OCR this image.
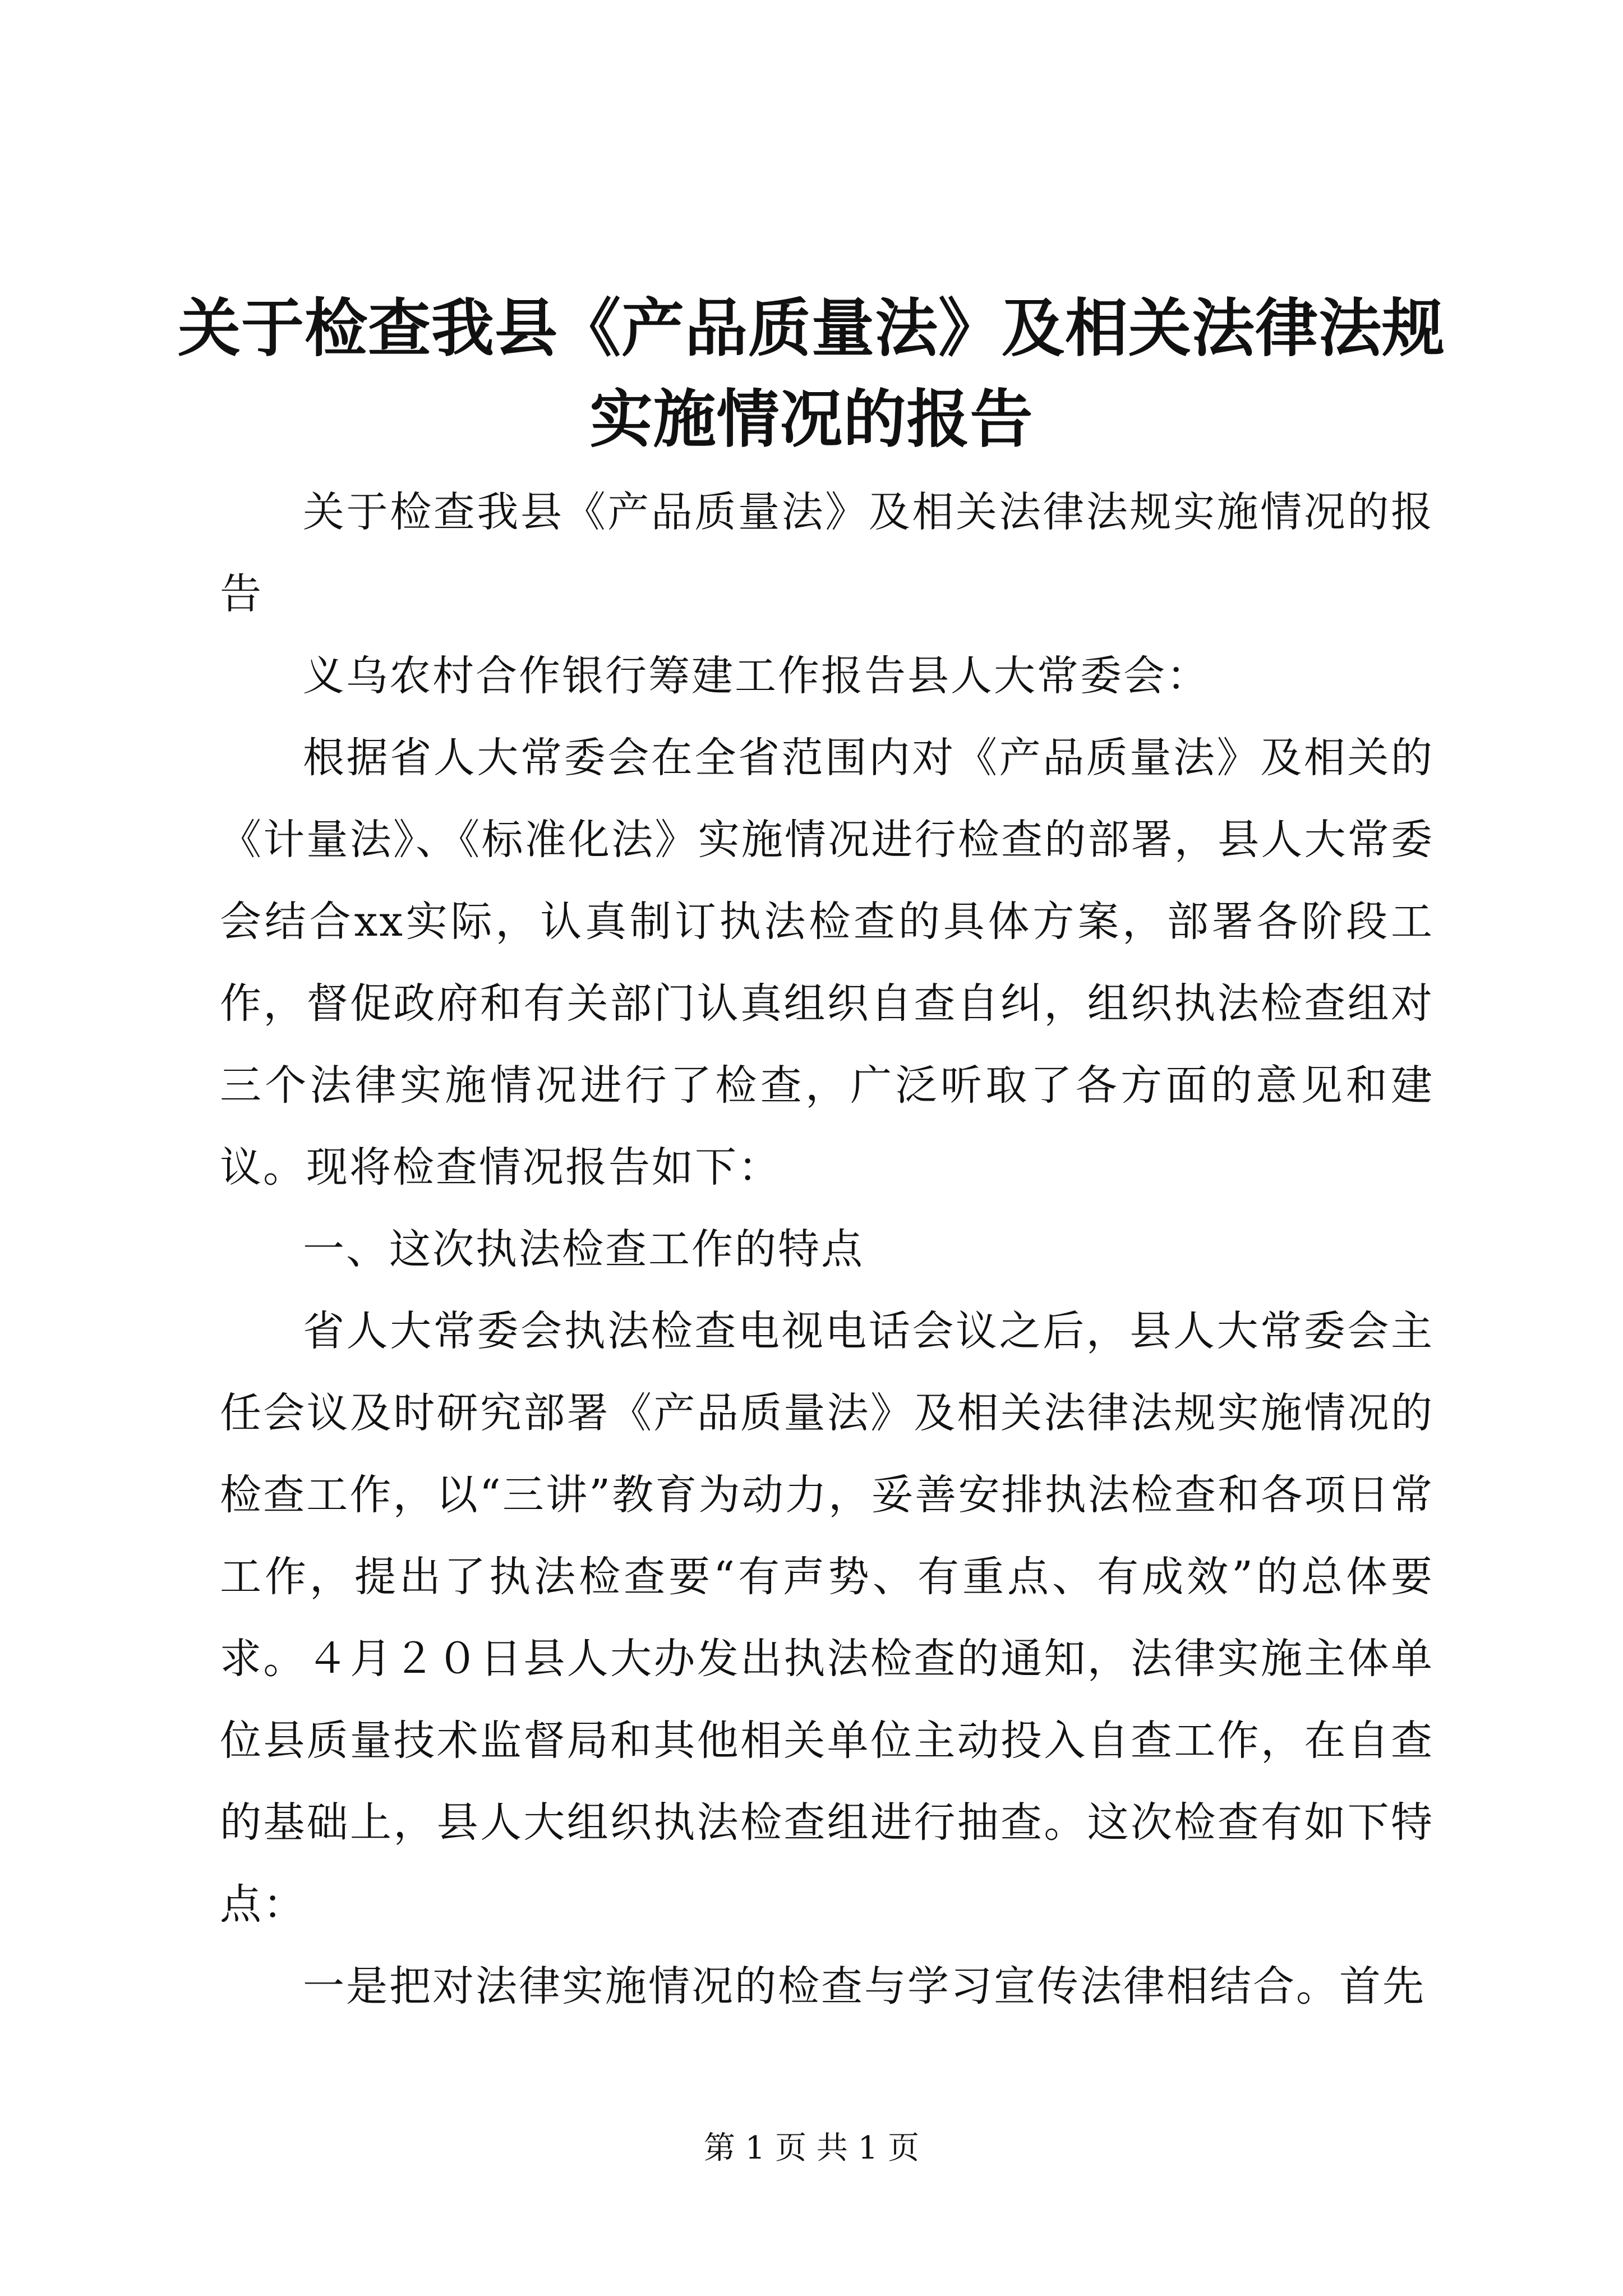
关于检查我县《产品质量法》及相关法律法规实施情况的报告

关于检查我县《产品质量法》及相关法律法规实施情况的报告

义乌农村合作银行筹建工作报告县人大常委会：

根据省人大常委会在全省范围内对《产品质量法》及相关的《计量法》、《标准化法》实施情况进行检查的部署，县人大常委会结合xx实际，认真制订执法检查的具体方案，部署各阶段工作，督促政府和有关部门认真组织自查自纠，组织执法检查组对三个法律实施情况进行了检查，广泛听取了各方面的意见和建议。现将检查情况报告如下：

一、这次执法检查工作的特点

省人大常委会执法检查电视电话会议之后，县人大常委会主任会议及时研究部署《产品质量法》及相关法律法规实施情况的检查工作，以“三讲”教育为动力，妥善安排执法检查和各项日常工作，提出了执法检查要“有声势、有重点、有成效”的总体要求。４月２０日县人大办发出执法检查的通知，法律实施主体单位县质量技术监督局和其他相关单位主动投入自查工作，在自查的基础上，县人大组织执法检查组进行抽查。这次检查有如下特点：

一是把对法律实施情况的检查与学习宣传法律相结合。首先

第 1 页 共 1 页
